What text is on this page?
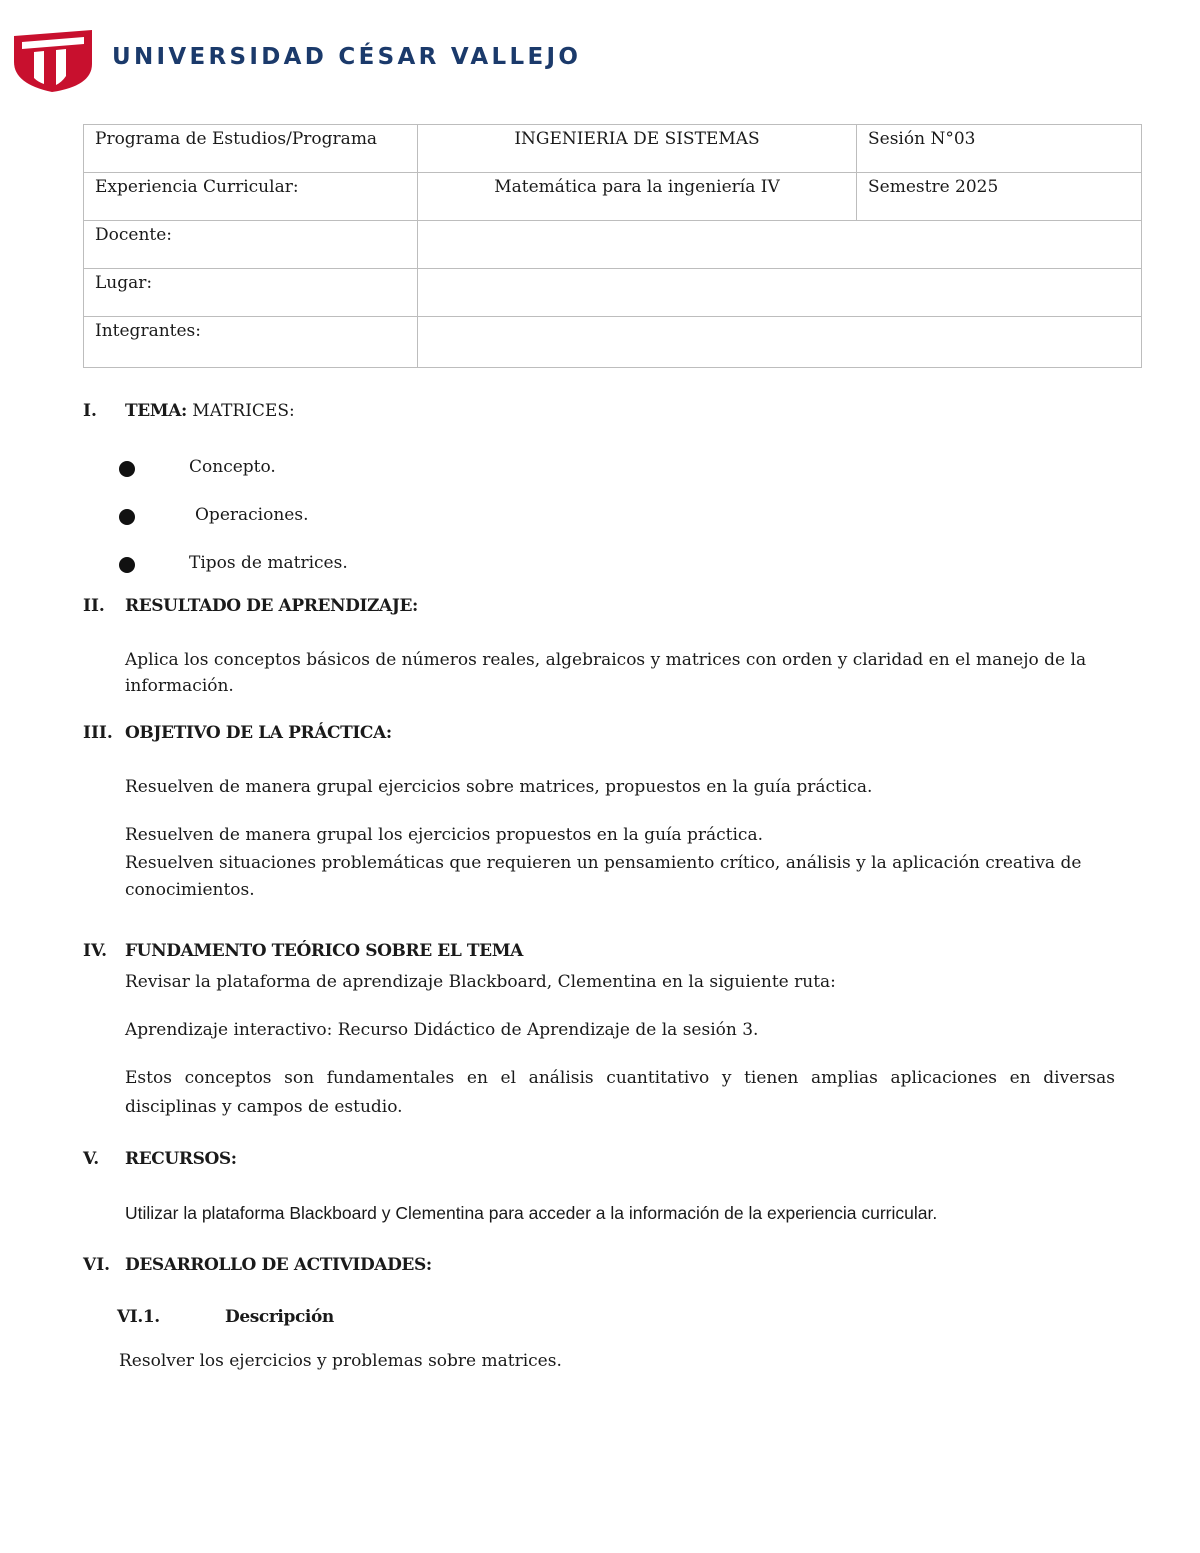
UNIVERSIDAD CÉSAR VALLEJO
Programa de Estudios/Programa	INGENIERIA DE SISTEMAS	Sesión N°03
Experiencia Curricular:	Matemática para la ingeniería IV	Semestre 2025
Docente:		
Lugar:		
Integrantes:		
I. TEMA: MATRICES:
Concepto.
Operaciones.
Tipos de matrices.
II. RESULTADO DE APRENDIZAJE:
Aplica los conceptos básicos de números reales, algebraicos y matrices con orden y claridad en el manejo de la información.
III. OBJETIVO DE LA PRÁCTICA:
Resuelven de manera grupal ejercicios sobre matrices, propuestos en la guía práctica.
Resuelven de manera grupal los ejercicios propuestos en la guía práctica.
Resuelven situaciones problemáticas que requieren un pensamiento crítico, análisis y la aplicación creativa de conocimientos.
IV. FUNDAMENTO TEÓRICO SOBRE EL TEMA
Revisar la plataforma de aprendizaje Blackboard, Clementina en la siguiente ruta:
Aprendizaje interactivo: Recurso Didáctico de Aprendizaje de la sesión 3.
Estos conceptos son fundamentales en el análisis cuantitativo y tienen amplias aplicaciones en diversas disciplinas y campos de estudio.
V. RECURSOS:
Utilizar la plataforma Blackboard y Clementina para acceder a la información de la experiencia curricular.
VI. DESARROLLO DE ACTIVIDADES:
VI.1.	Descripción
Resolver los ejercicios y problemas sobre matrices.
